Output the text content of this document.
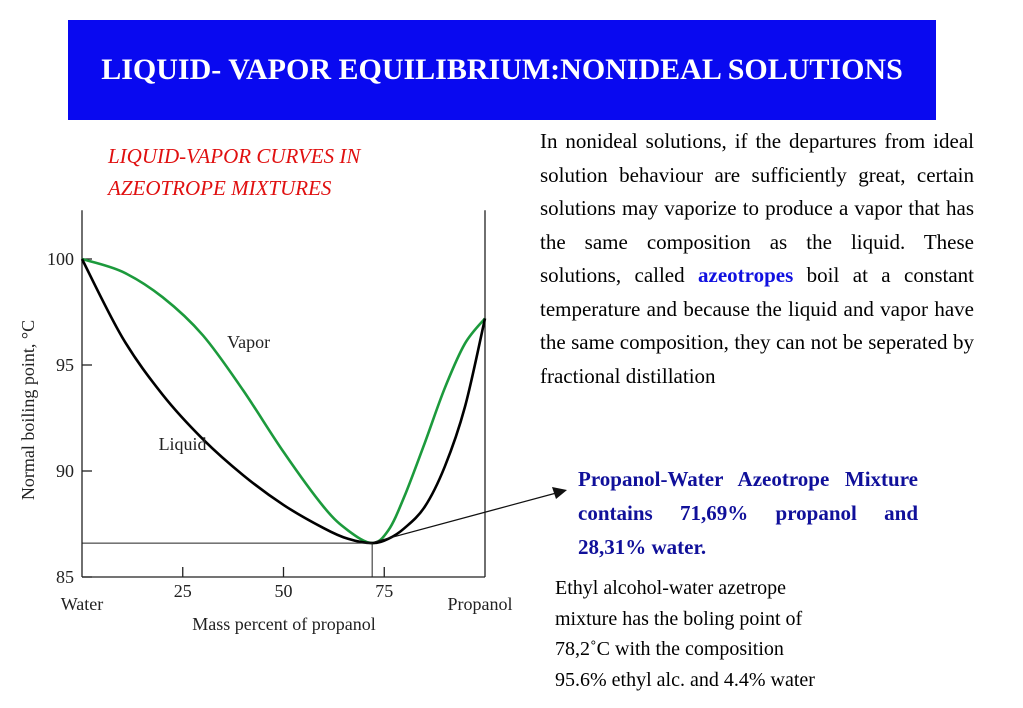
LIQUID- VAPOR EQUILIBRIUM:NONIDEAL SOLUTIONS
LIQUID-VAPOR CURVES IN
AZEOTROPE MIXTURES
In nonideal solutions, if the departures from ideal solution behaviour are sufficiently great, certain solutions may vaporize to produce a vapor that has the same composition as the liquid. These solutions, called azeotropes boil at a constant temperature and because the liquid and vapor have the same composition, they can not be seperated by fractional distillation
Propanol-Water Azeotrope Mixture contains 71,69% propanol and 28,31% water.
Ethyl alcohol-water azetrope
mixture has the boling point of
78,2˚C with the composition
95.6% ethyl alc. and 4.4% water
85
90
95
100
25	50	75
Vapor
Liquid
Normal boiling point, °C
Mass percent of propanol
Water	Propanol
